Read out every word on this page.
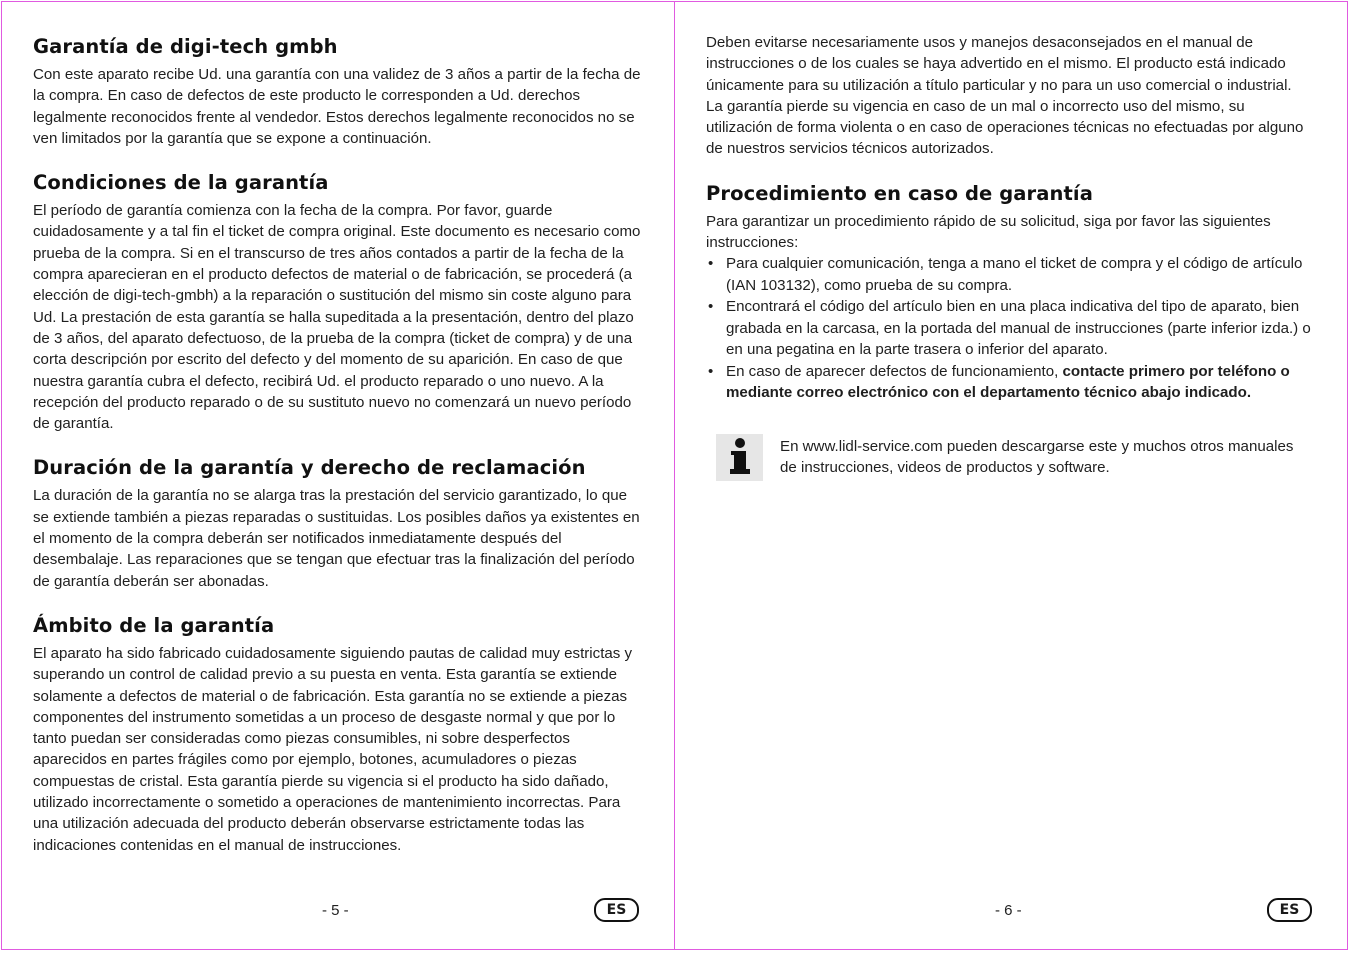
Garantía de digi-tech gmbh

Con este aparato recibe Ud. una garantía con una validez de 3 años a partir de la fecha de la compra. En caso de defectos de este producto le corresponden a Ud. derechos legalmente reconocidos frente al vendedor. Estos derechos legalmente reconocidos no se ven limitados por la garantía que se expone a continuación.

Condiciones de la garantía

El período de garantía comienza con la fecha de la compra. Por favor, guarde cuidadosamente y a tal fin el ticket de compra original. Este documento es necesario como prueba de la compra. Si en el transcurso de tres años contados a partir de la fecha de la compra aparecieran en el producto defectos de material o de fabricación, se procederá (a elección de digi-tech-gmbh) a la reparación o sustitución del mismo sin coste alguno para Ud. La prestación de esta garantía se halla supeditada a la presentación, dentro del plazo de 3 años, del aparato defectuoso, de la prueba de la compra (ticket de compra) y de una corta descripción por escrito del defecto y del momento de su aparición. En caso de que nuestra garantía cubra el defecto, recibirá Ud. el producto reparado o uno nuevo. A la recepción del producto reparado o de su sustituto nuevo no comenzará un nuevo período de garantía.

Duración de la garantía y derecho de reclamación

La duración de la garantía no se alarga tras la prestación del servicio garantizado, lo que se extiende también a piezas reparadas o sustituidas. Los posibles daños ya existentes en el momento de la compra deberán ser notificados inmediatamente después del desembalaje. Las reparaciones que se tengan que efectuar tras la finalización del período de garantía deberán ser abonadas.

Ámbito de la garantía

El aparato ha sido fabricado cuidadosamente siguiendo pautas de calidad muy estrictas y superando un control de calidad previo a su puesta en venta. Esta garantía se extiende solamente a defectos de material o de fabricación. Esta garantía no se extiende a piezas componentes del instrumento sometidas a un proceso de desgaste normal y que por lo tanto puedan ser consideradas como piezas consumibles, ni sobre desperfectos aparecidos en partes frágiles como por ejemplo, botones, acumuladores o piezas compuestas de cristal. Esta garantía pierde su vigencia si el producto ha sido dañado, utilizado incorrectamente o sometido a operaciones de mantenimiento incorrectas. Para una utilización adecuada del producto deberán observarse estrictamente todas las indicaciones contenidas en el manual de instrucciones.

- 5 -	ES

Deben evitarse necesariamente usos y manejos desaconsejados en el manual de instrucciones o de los cuales se haya advertido en el mismo. El producto está indicado únicamente para su utilización a título particular y no para un uso comercial o industrial. La garantía pierde su vigencia en caso de un mal o incorrecto uso del mismo, su utilización de forma violenta o en caso de operaciones técnicas no efectuadas por alguno de nuestros servicios técnicos autorizados.

Procedimiento en caso de garantía

Para garantizar un procedimiento rápido de su solicitud, siga por favor las siguientes instrucciones:

• Para cualquier comunicación, tenga a mano el ticket de compra y el código de artículo (IAN 103132), como prueba de su compra.
• Encontrará el código del artículo bien en una placa indicativa del tipo de aparato, bien grabada en la carcasa, en la portada del manual de instrucciones (parte inferior izda.) o en una pegatina en la parte trasera o inferior del aparato.
• En caso de aparecer defectos de funcionamiento, contacte primero por teléfono o mediante correo electrónico con el departamento técnico abajo indicado.
En www.lidl-service.com pueden descargarse este y muchos otros manuales de instrucciones, videos de productos y software.
- 6 -	ES
